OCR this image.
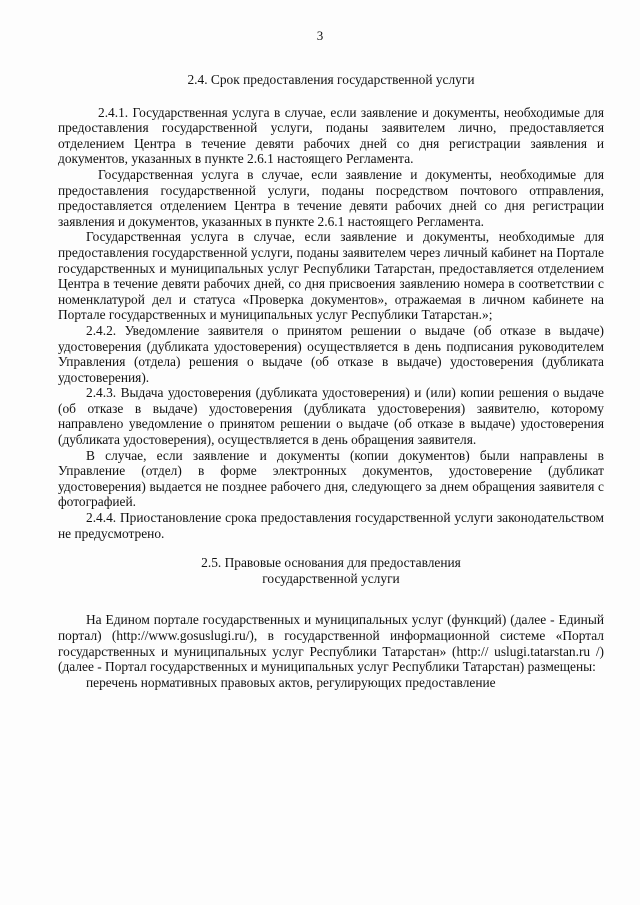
3
2.4. Срок предоставления государственной услуги

2.4.1. Государственная услуга в случае, если заявление и документы, необходимые для предоставления государственной услуги, поданы заявителем лично, предоставляется отделением Центра в течение девяти рабочих дней со дня регистрации заявления и документов, указанных в пункте 2.6.1 настоящего Регламента.

Государственная услуга в случае, если заявление и документы, необходимые для предоставления государственной услуги, поданы посредством почтового отправления, предоставляется отделением Центра в течение девяти рабочих дней со дня регистрации заявления и документов, указанных в пункте 2.6.1 настоящего Регламента.

Государственная услуга в случае, если заявление и документы, необходимые для предоставления государственной услуги, поданы заявителем через личный кабинет на Портале государственных и муниципальных услуг Республики Татарстан, предоставляется отделением Центра в течение девяти рабочих дней, со дня присвоения заявлению номера в соответствии с номенклатурой дел и статуса «Проверка документов», отражаемая в личном кабинете на Портале государственных и муниципальных услуг Республики Татарстан.»;

2.4.2. Уведомление заявителя о принятом решении о выдаче (об отказе в выдаче) удостоверения (дубликата удостоверения) осуществляется в день подписания руководителем Управления (отдела) решения о выдаче (об отказе в выдаче) удостоверения (дубликата удостоверения).

2.4.3. Выдача удостоверения (дубликата удостоверения) и (или) копии решения о выдаче (об отказе в выдаче) удостоверения (дубликата удостоверения) заявителю, которому направлено уведомление о принятом решении о выдаче (об отказе в выдаче) удостоверения (дубликата удостоверения), осуществляется в день обращения заявителя.

В случае, если заявление и документы (копии документов) были направлены в Управление (отдел) в форме электронных документов, удостоверение (дубликат удостоверения) выдается не позднее рабочего дня, следующего за днем обращения заявителя с фотографией.

2.4.4. Приостановление срока предоставления государственной услуги законодательством не предусмотрено.

2.5. Правовые основания для предоставления
государственной услуги

На Едином портале государственных и муниципальных услуг (функций) (далее - Единый портал) (http://www.gosuslugi.ru/), в государственной информационной системе «Портал государственных и муниципальных услуг Республики Татарстан» (http:// uslugi.tatarstan.ru /) (далее - Портал государственных и муниципальных услуг Республики Татарстан) размещены:

перечень нормативных правовых актов, регулирующих предоставление
